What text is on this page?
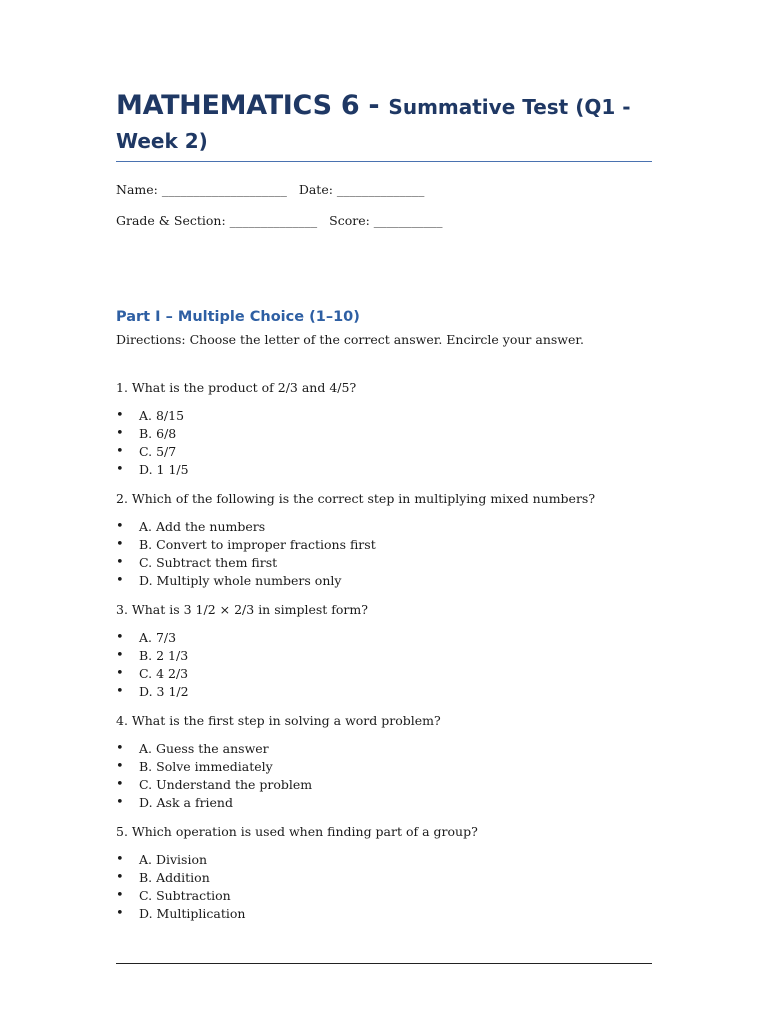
MATHEMATICS 6 - Summative Test (Q1 - Week 2)

Name: ____________________ Date: ______________

Grade & Section: ______________ Score: ___________

Part I – Multiple Choice (1–10)

Directions: Choose the letter of the correct answer. Encircle your answer.

1. What is the product of 2/3 and 4/5?

• A. 8/15
• B. 6/8
• C. 5/7
• D. 1 1/5

2. Which of the following is the correct step in multiplying mixed numbers?

• A. Add the numbers
• B. Convert to improper fractions first
• C. Subtract them first
• D. Multiply whole numbers only

3. What is 3 1/2 × 2/3 in simplest form?

• A. 7/3
• B. 2 1/3
• C. 4 2/3
• D. 3 1/2

4. What is the first step in solving a word problem?

• A. Guess the answer
• B. Solve immediately
• C. Understand the problem
• D. Ask a friend

5. Which operation is used when finding part of a group?

• A. Division
• B. Addition
• C. Subtraction
• D. Multiplication
